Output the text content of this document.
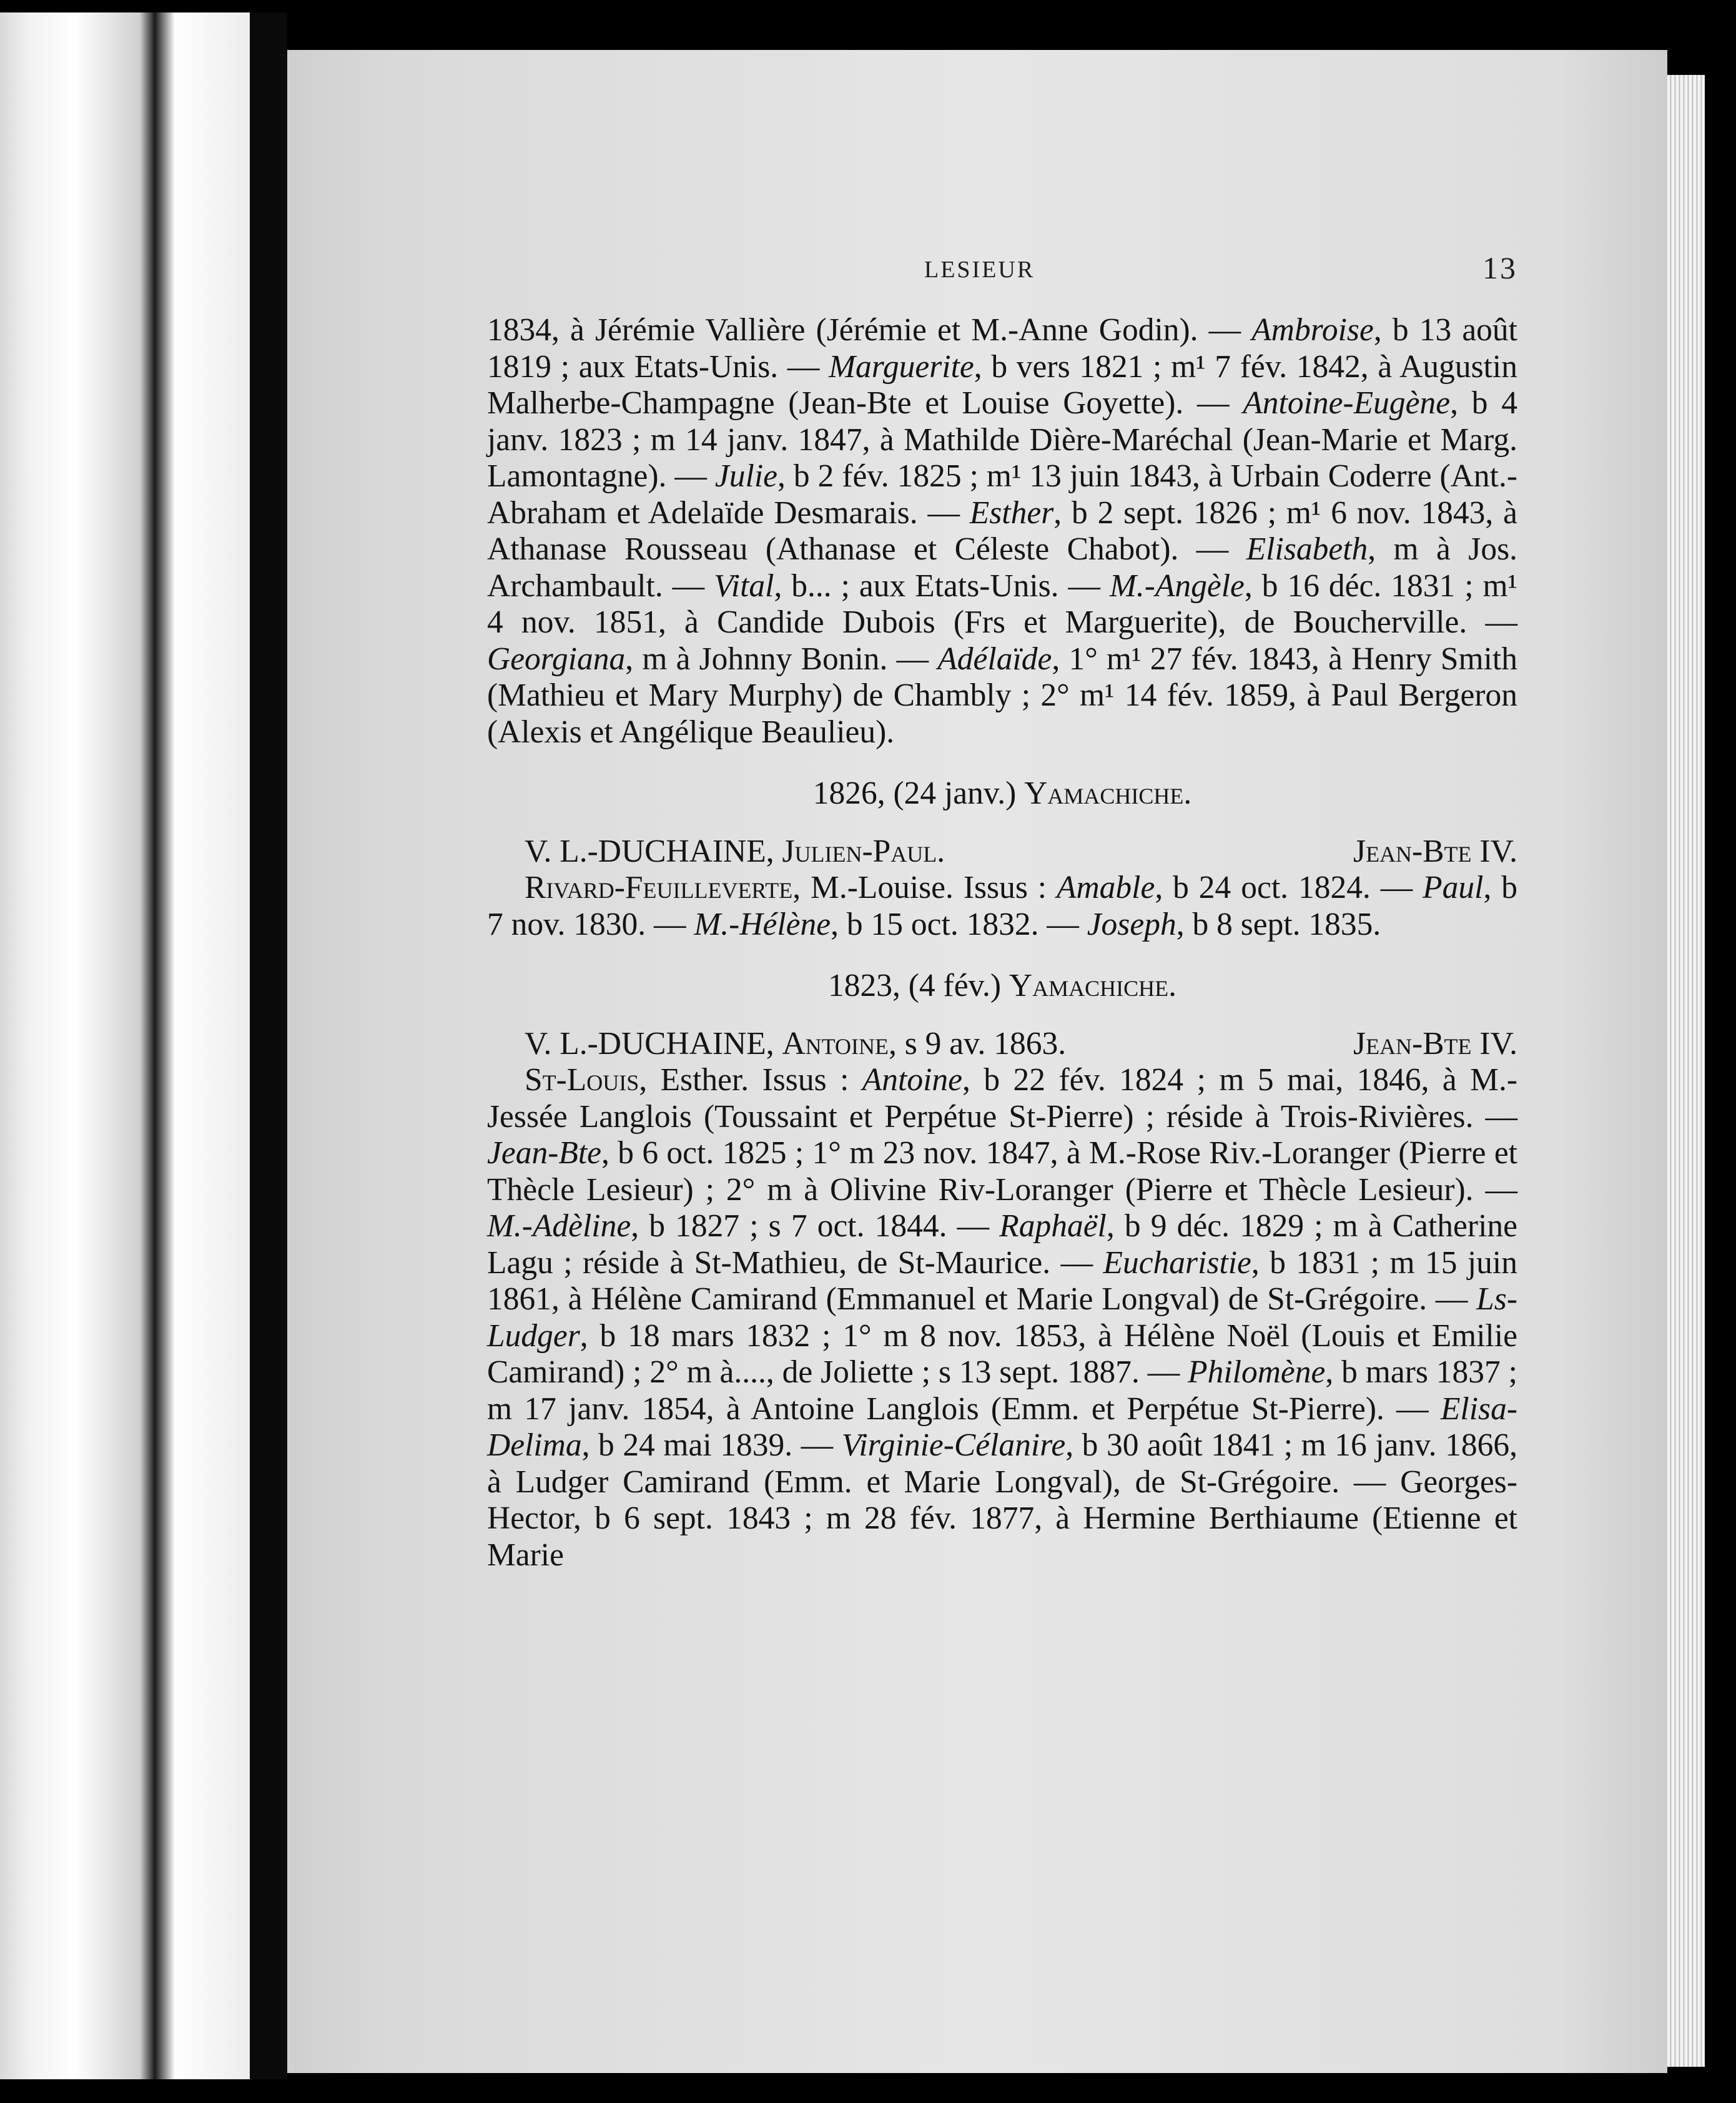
LESIEUR	13

1834, à Jérémie Vallière (Jérémie et M.-Anne Godin). — Ambroise, b 13 août 1819 ; aux Etats-Unis. — Marguerite, b vers 1821 ; m¹ 7 fév. 1842, à Augustin Malherbe-Champagne (Jean-Bte et Louise Goyette). — Antoine-Eugène, b 4 janv. 1823 ; m 14 janv. 1847, à Mathilde Dière-Maréchal (Jean-Marie et Marg. Lamontagne). — Julie, b 2 fév. 1825 ; m¹ 13 juin 1843, à Urbain Coderre (Ant.-Abraham et Adelaïde Desmarais. — Esther, b 2 sept. 1826 ; m¹ 6 nov. 1843, à Athanase Rousseau (Athanase et Céleste Chabot). — Elisabeth, m à Jos. Archambault. — Vital, b... ; aux Etats-Unis. — M.-Angèle, b 16 déc. 1831 ; m¹ 4 nov. 1851, à Candide Dubois (Frs et Marguerite), de Boucherville. — Georgiana, m à Johnny Bonin. — Adélaïde, 1° m¹ 27 fév. 1843, à Henry Smith (Mathieu et Mary Murphy) de Chambly ; 2° m¹ 14 fév. 1859, à Paul Bergeron (Alexis et Angélique Beaulieu).

1826, (24 janv.) Yamachiche.
V. L.-DUCHAINE, Julien-Paul.	Jean-Bte IV.

Rivard-Feuilleverte, M.-Louise. Issus : Amable, b 24 oct. 1824. — Paul, b 7 nov. 1830. — M.-Hélène, b 15 oct. 1832. — Joseph, b 8 sept. 1835.

1823, (4 fév.) Yamachiche.
V. L.-DUCHAINE, Antoine, s 9 av. 1863.	Jean-Bte IV.

St-Louis, Esther. Issus : Antoine, b 22 fév. 1824 ; m 5 mai, 1846, à M.-Jessée Langlois (Toussaint et Perpétue St-Pierre) ; réside à Trois-Rivières. — Jean-Bte, b 6 oct. 1825 ; 1° m 23 nov. 1847, à M.-Rose Riv.-Loranger (Pierre et Thècle Lesieur) ; 2° m à Olivine Riv-Loranger (Pierre et Thècle Lesieur). — M.-Adèline, b 1827 ; s 7 oct. 1844. — Raphaël, b 9 déc. 1829 ; m à Catherine Lagu ; réside à St-Mathieu, de St-Maurice. — Eucharistie, b 1831 ; m 15 juin 1861, à Hélène Camirand (Emmanuel et Marie Longval) de St-Grégoire. — Ls-Ludger, b 18 mars 1832 ; 1° m 8 nov. 1853, à Hélène Noël (Louis et Emilie Camirand) ; 2° m à...., de Joliette ; s 13 sept. 1887. — Philomène, b mars 1837 ; m 17 janv. 1854, à Antoine Langlois (Emm. et Perpétue St-Pierre). — Elisa-Delima, b 24 mai 1839. — Virginie-Célanire, b 30 août 1841 ; m 16 janv. 1866, à Ludger Camirand (Emm. et Marie Longval), de St-Grégoire. — Georges-Hector, b 6 sept. 1843 ; m 28 fév. 1877, à Hermine Berthiaume (Etienne et Marie
